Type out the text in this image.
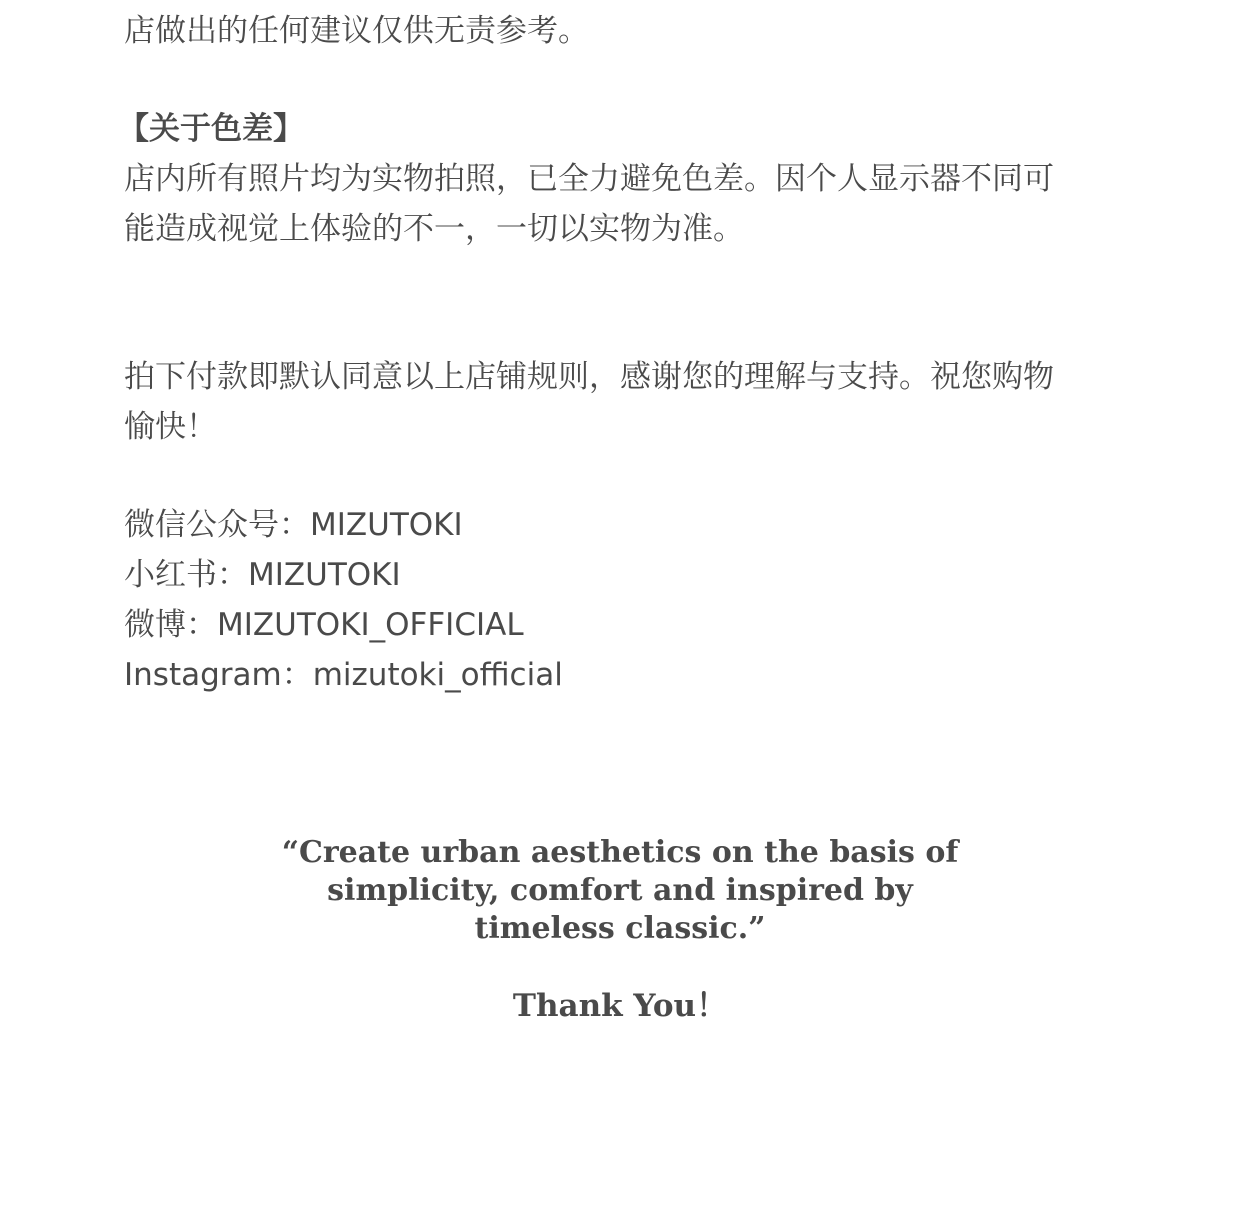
店做出的任何建议仅供无责参考。
【关于色差】
店内所有照片均为实物拍照，已全力避免色差。因个人显示器不同可
能造成视觉上体验的不一，一切以实物为准。
拍下付款即默认同意以上店铺规则，感谢您的理解与支持。祝您购物
愉快！
微信公众号：MIZUTOKI
小红书：MIZUTOKI
微博：MIZUTOKI_OFFICIAL
Instagram：mizutoki_official
“Create urban aesthetics on the basis of
simplicity, comfort and inspired by
timeless classic.”
Thank You！
